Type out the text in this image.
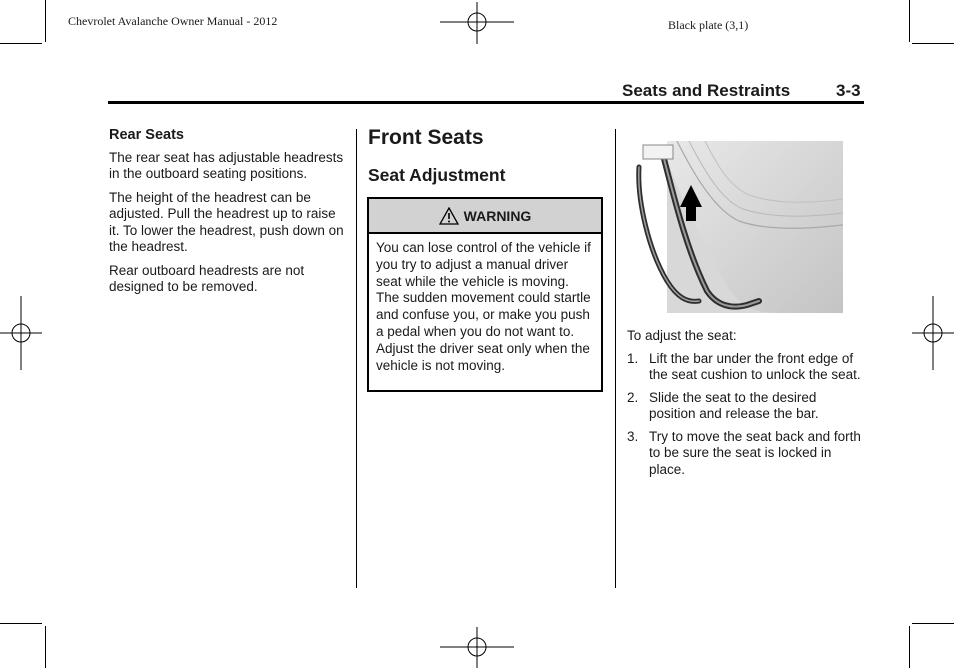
Chevrolet Avalanche Owner Manual - 2012	Black plate (3,1)
Seats and Restraints	3-3
Rear Seats

The rear seat has adjustable headrests in the outboard seating positions.

The height of the headrest can be adjusted. Pull the headrest up to raise it. To lower the headrest, push down on the headrest.

Rear outboard headrests are not designed to be removed.

Front Seats
Seat Adjustment
WARNING
You can lose control of the vehicle if you try to adjust a manual driver seat while the vehicle is moving. The sudden movement could startle and confuse you, or make you push a pedal when you do not want to. Adjust the driver seat only when the vehicle is not moving.

To adjust the seat:

1. Lift the bar under the front edge of the seat cushion to unlock the seat.
2. Slide the seat to the desired position and release the bar.
3. Try to move the seat back and forth to be sure the seat is locked in place.
